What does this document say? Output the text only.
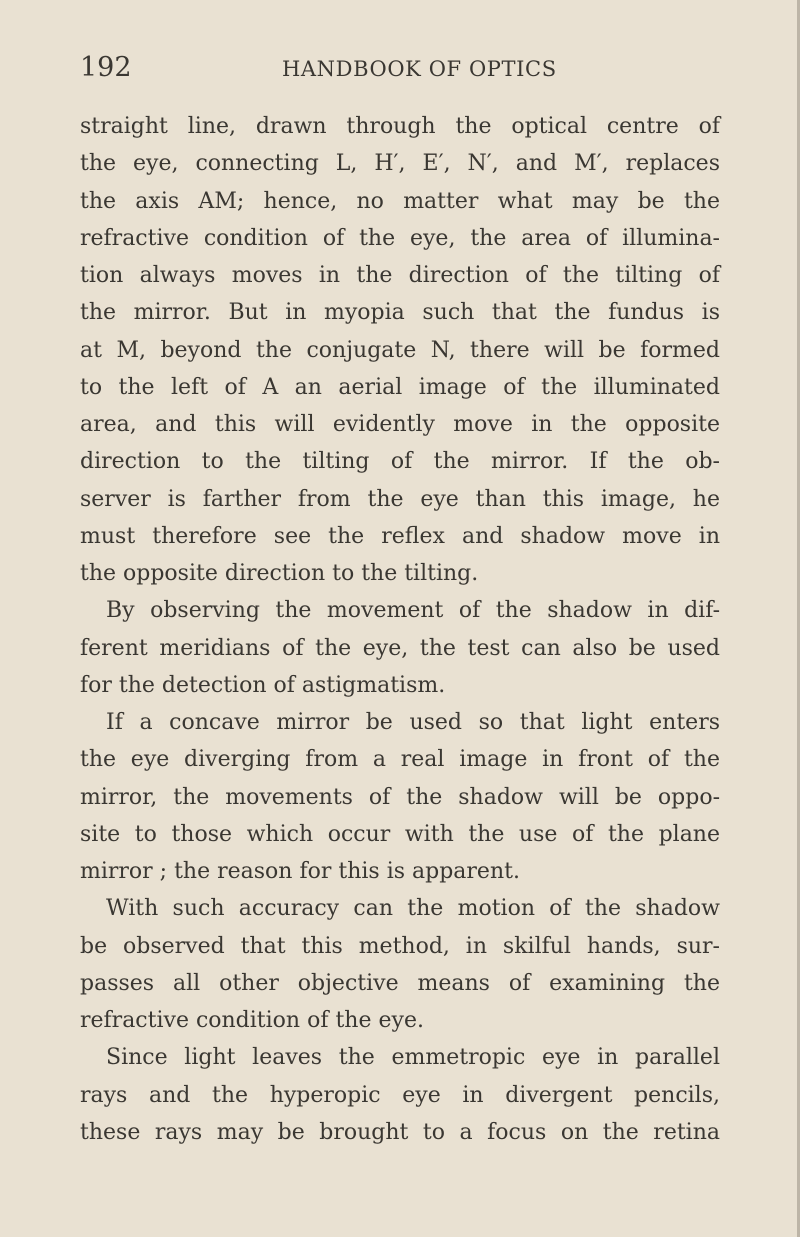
192	HANDBOOK OF OPTICS
straight line, drawn through the optical centre of
the eye, connecting L, H′, E′, N′, and M′, replaces
the axis AM; hence, no matter what may be the
refractive condition of the eye, the area of illumina-
tion always moves in the direction of the tilting of
the mirror. But in myopia such that the fundus is
at M, beyond the conjugate N, there will be formed
to the left of A an aerial image of the illuminated
area, and this will evidently move in the opposite
direction to the tilting of the mirror. If the ob-
server is farther from the eye than this image, he
must therefore see the reflex and shadow move in
the opposite direction to the tilting.
By observing the movement of the shadow in dif-
ferent meridians of the eye, the test can also be used
for the detection of astigmatism.
If a concave mirror be used so that light enters
the eye diverging from a real image in front of the
mirror, the movements of the shadow will be oppo-
site to those which occur with the use of the plane
mirror ; the reason for this is apparent.
With such accuracy can the motion of the shadow
be observed that this method, in skilful hands, sur-
passes all other objective means of examining the
refractive condition of the eye.
Since light leaves the emmetropic eye in parallel
rays and the hyperopic eye in divergent pencils,
these rays may be brought to a focus on the retina
